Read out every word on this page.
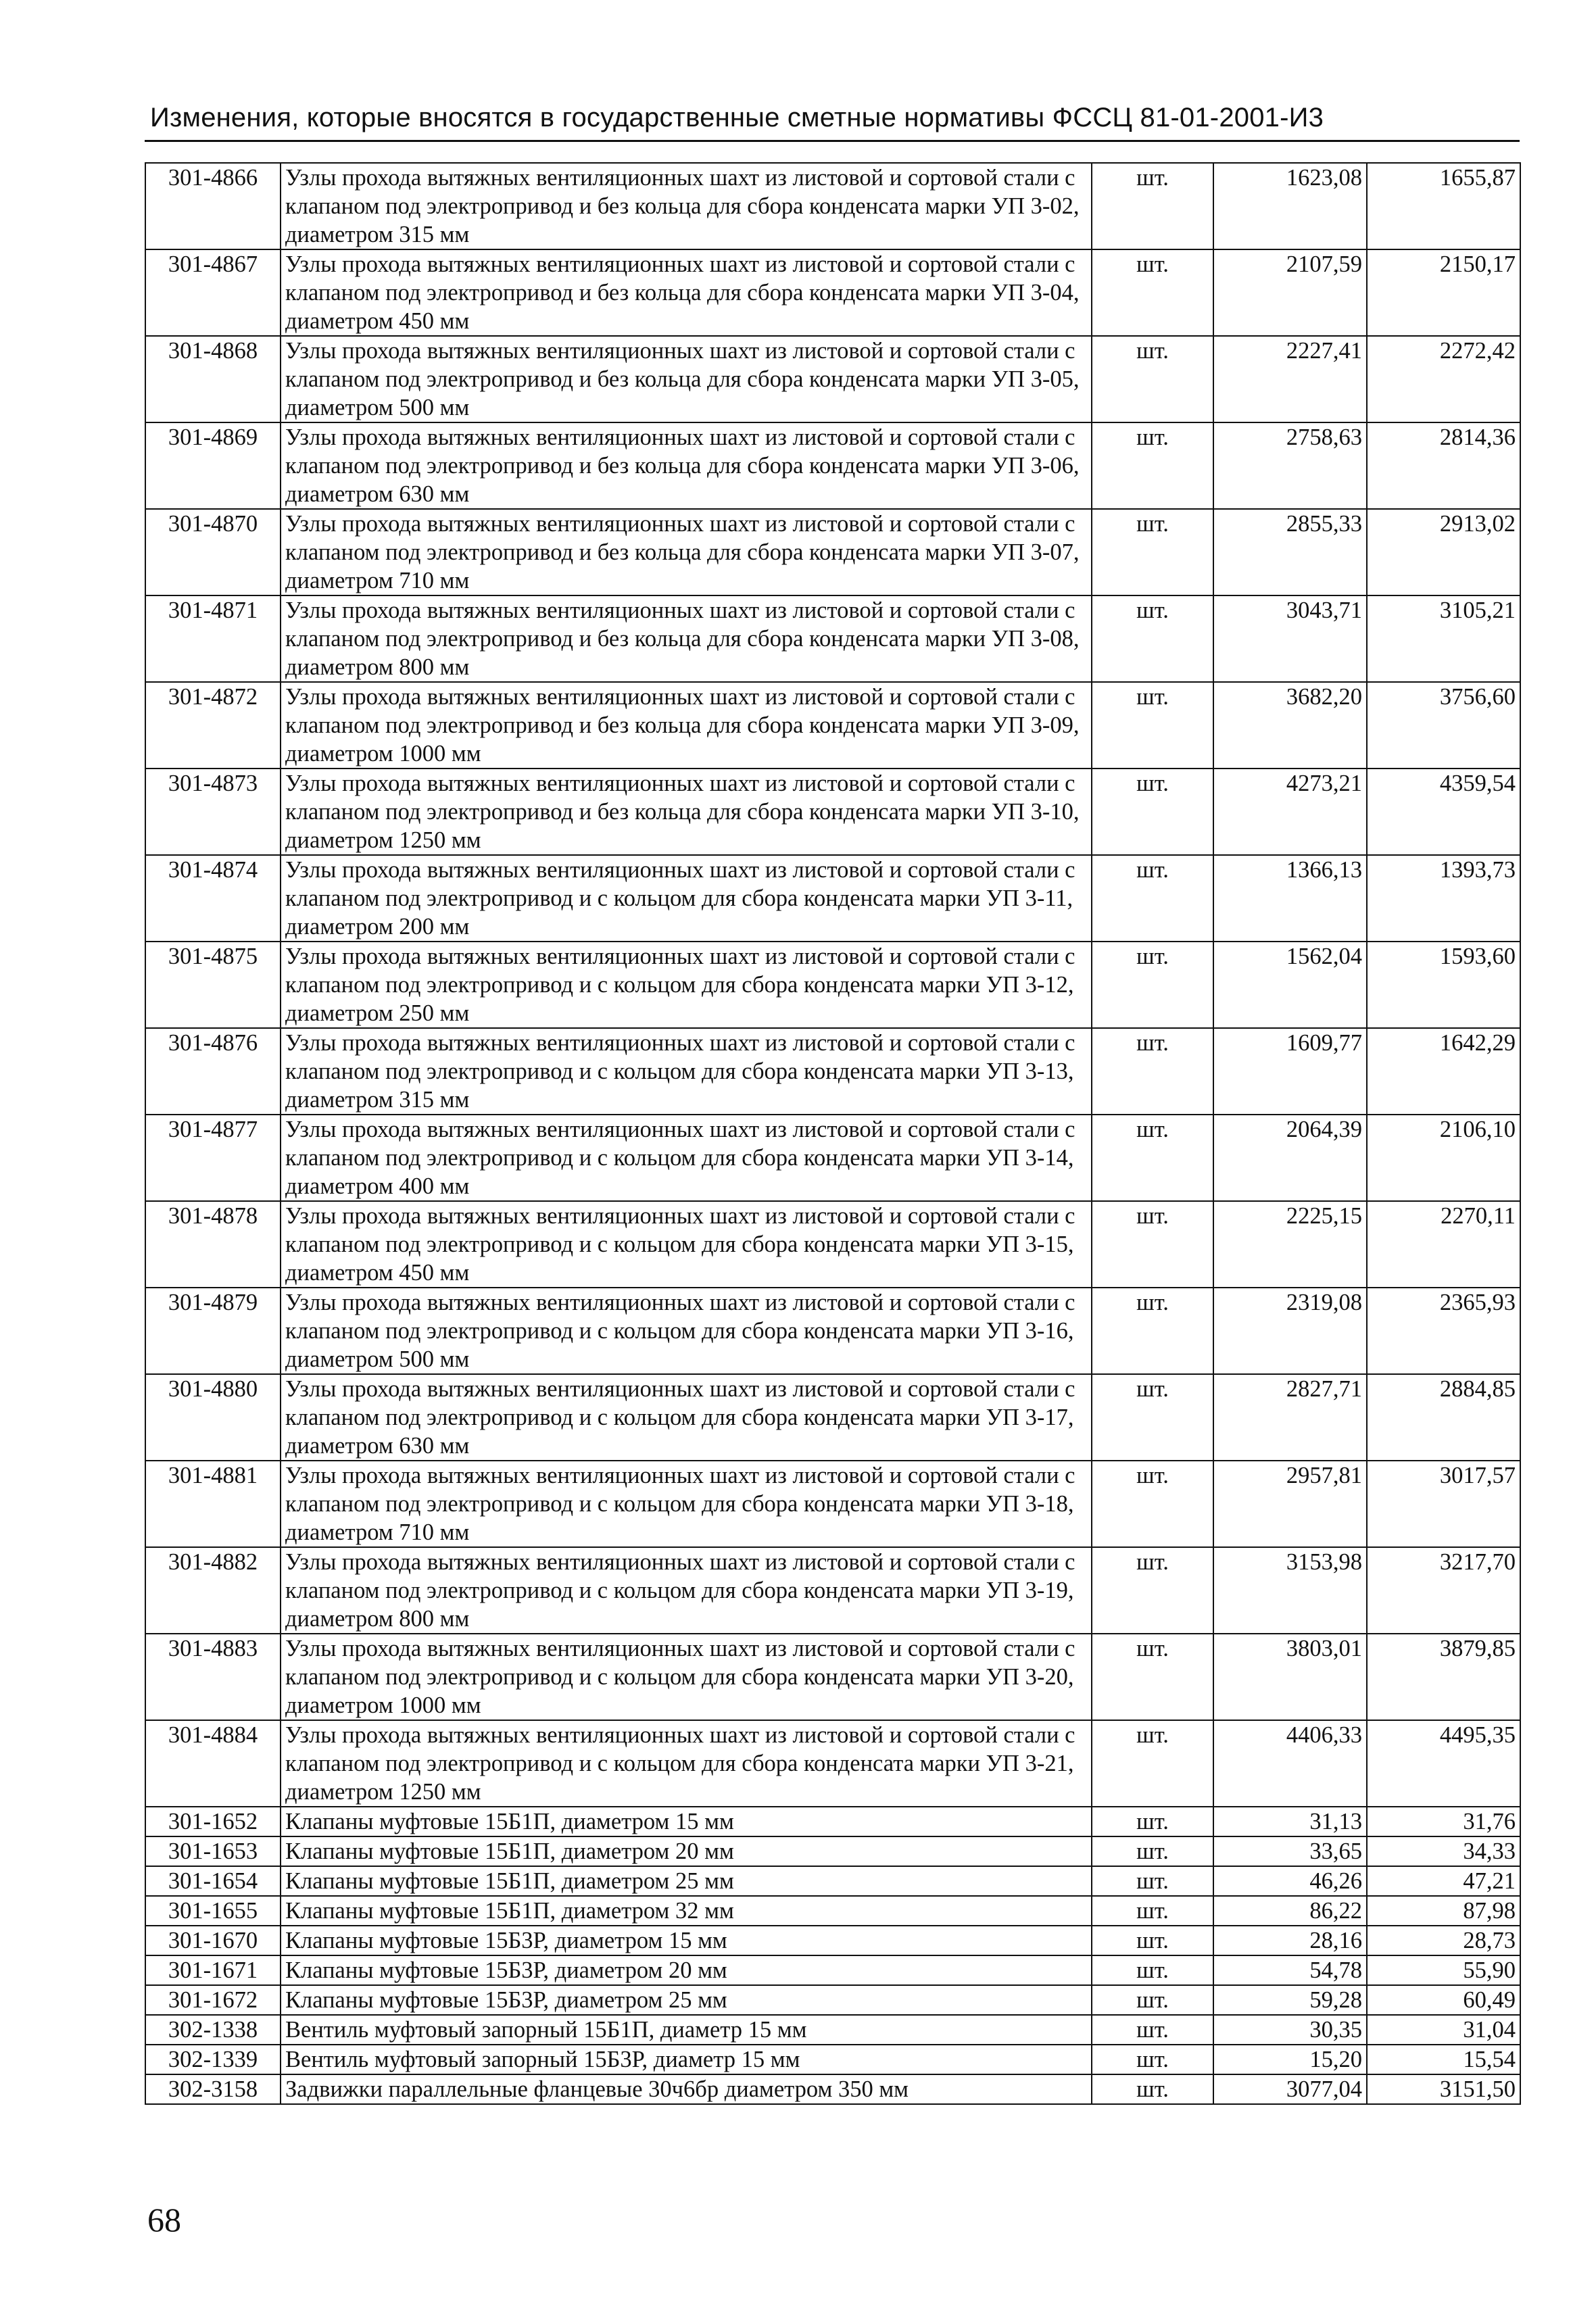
Изменения, которые вносятся в государственные сметные нормативы ФССЦ 81-01-2001-И3
301-4866	Узлы прохода вытяжных вентиляционных шахт из листовой и сортовой стали с клапаном под электропривод и без кольца для сбора конденсата марки УП 3-02, диаметром 315 мм	шт.	1623,08	1655,87
301-4867	Узлы прохода вытяжных вентиляционных шахт из листовой и сортовой стали с клапаном под электропривод и без кольца для сбора конденсата марки УП 3-04, диаметром 450 мм	шт.	2107,59	2150,17
301-4868	Узлы прохода вытяжных вентиляционных шахт из листовой и сортовой стали с клапаном под электропривод и без кольца для сбора конденсата марки УП 3-05, диаметром 500 мм	шт.	2227,41	2272,42
301-4869	Узлы прохода вытяжных вентиляционных шахт из листовой и сортовой стали с клапаном под электропривод и без кольца для сбора конденсата марки УП 3-06, диаметром 630 мм	шт.	2758,63	2814,36
301-4870	Узлы прохода вытяжных вентиляционных шахт из листовой и сортовой стали с клапаном под электропривод и без кольца для сбора конденсата марки УП 3-07, диаметром 710 мм	шт.	2855,33	2913,02
301-4871	Узлы прохода вытяжных вентиляционных шахт из листовой и сортовой стали с клапаном под электропривод и без кольца для сбора конденсата марки УП 3-08, диаметром 800 мм	шт.	3043,71	3105,21
301-4872	Узлы прохода вытяжных вентиляционных шахт из листовой и сортовой стали с клапаном под электропривод и без кольца для сбора конденсата марки УП 3-09, диаметром 1000 мм	шт.	3682,20	3756,60
301-4873	Узлы прохода вытяжных вентиляционных шахт из листовой и сортовой стали с клапаном под электропривод и без кольца для сбора конденсата марки УП 3-10, диаметром 1250 мм	шт.	4273,21	4359,54
301-4874	Узлы прохода вытяжных вентиляционных шахт из листовой и сортовой стали с клапаном под электропривод и с кольцом для сбора конденсата марки УП 3-11, диаметром 200 мм	шт.	1366,13	1393,73
301-4875	Узлы прохода вытяжных вентиляционных шахт из листовой и сортовой стали с клапаном под электропривод и с кольцом для сбора конденсата марки УП 3-12, диаметром 250 мм	шт.	1562,04	1593,60
301-4876	Узлы прохода вытяжных вентиляционных шахт из листовой и сортовой стали с клапаном под электропривод и с кольцом для сбора конденсата марки УП 3-13, диаметром 315 мм	шт.	1609,77	1642,29
301-4877	Узлы прохода вытяжных вентиляционных шахт из листовой и сортовой стали с клапаном под электропривод и с кольцом для сбора конденсата марки УП 3-14, диаметром 400 мм	шт.	2064,39	2106,10
301-4878	Узлы прохода вытяжных вентиляционных шахт из листовой и сортовой стали с клапаном под электропривод и с кольцом для сбора конденсата марки УП 3-15, диаметром 450 мм	шт.	2225,15	2270,11
301-4879	Узлы прохода вытяжных вентиляционных шахт из листовой и сортовой стали с клапаном под электропривод и с кольцом для сбора конденсата марки УП 3-16, диаметром 500 мм	шт.	2319,08	2365,93
301-4880	Узлы прохода вытяжных вентиляционных шахт из листовой и сортовой стали с клапаном под электропривод и с кольцом для сбора конденсата марки УП 3-17, диаметром 630 мм	шт.	2827,71	2884,85
301-4881	Узлы прохода вытяжных вентиляционных шахт из листовой и сортовой стали с клапаном под электропривод и с кольцом для сбора конденсата марки УП 3-18, диаметром 710 мм	шт.	2957,81	3017,57
301-4882	Узлы прохода вытяжных вентиляционных шахт из листовой и сортовой стали с клапаном под электропривод и с кольцом для сбора конденсата марки УП 3-19, диаметром 800 мм	шт.	3153,98	3217,70
301-4883	Узлы прохода вытяжных вентиляционных шахт из листовой и сортовой стали с клапаном под электропривод и с кольцом для сбора конденсата марки УП 3-20, диаметром 1000 мм	шт.	3803,01	3879,85
301-4884	Узлы прохода вытяжных вентиляционных шахт из листовой и сортовой стали с клапаном под электропривод и с кольцом для сбора конденсата марки УП 3-21, диаметром 1250 мм	шт.	4406,33	4495,35
301-1652	Клапаны муфтовые 15Б1П, диаметром 15 мм	шт.	31,13	31,76
301-1653	Клапаны муфтовые 15Б1П, диаметром 20 мм	шт.	33,65	34,33
301-1654	Клапаны муфтовые 15Б1П, диаметром 25 мм	шт.	46,26	47,21
301-1655	Клапаны муфтовые 15Б1П, диаметром 32 мм	шт.	86,22	87,98
301-1670	Клапаны муфтовые 15Б3Р, диаметром 15 мм	шт.	28,16	28,73
301-1671	Клапаны муфтовые 15Б3Р, диаметром 20 мм	шт.	54,78	55,90
301-1672	Клапаны муфтовые 15Б3Р, диаметром 25 мм	шт.	59,28	60,49
302-1338	Вентиль муфтовый запорный 15Б1П, диаметр 15 мм	шт.	30,35	31,04
302-1339	Вентиль муфтовый запорный 15Б3Р, диаметр 15 мм	шт.	15,20	15,54
302-3158	Задвижки параллельные фланцевые 30ч6бр диаметром 350 мм	шт.	3077,04	3151,50
68
